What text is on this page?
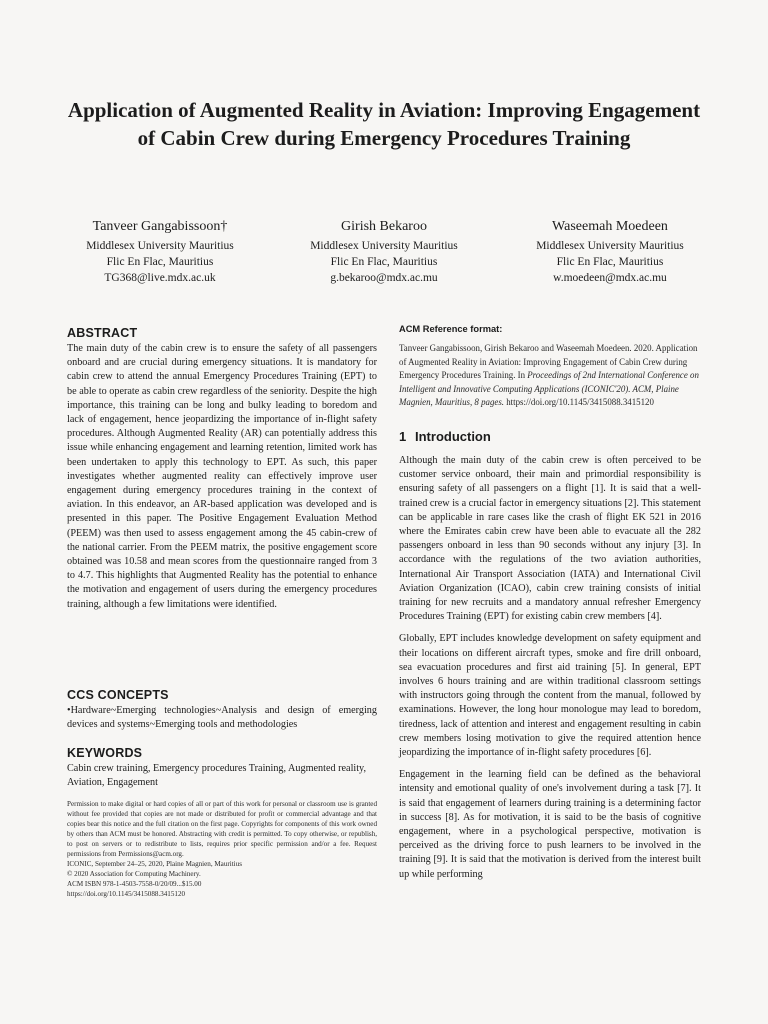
Application of Augmented Reality in Aviation: Improving Engagement of Cabin Crew during Emergency Procedures Training
Tanveer Gangabissoon†
Middlesex University Mauritius
Flic En Flac, Mauritius
TG368@live.mdx.ac.uk
Girish Bekaroo
Middlesex University Mauritius
Flic En Flac, Mauritius
g.bekaroo@mdx.ac.mu
Waseemah Moedeen
Middlesex University Mauritius
Flic En Flac, Mauritius
w.moedeen@mdx.ac.mu
ABSTRACT

The main duty of the cabin crew is to ensure the safety of all passengers onboard and are crucial during emergency situations. It is mandatory for cabin crew to attend the annual Emergency Procedures Training (EPT) to be able to operate as cabin crew regardless of the seniority. Despite the high importance, this training can be long and bulky leading to boredom and lack of engagement, hence jeopardizing the importance of in-flight safety procedures. Although Augmented Reality (AR) can potentially address this issue while enhancing engagement and learning retention, limited work has been undertaken to apply this technology to EPT. As such, this paper investigates whether augmented reality can effectively improve user engagement during emergency procedures training in the context of aviation. In this endeavor, an AR-based application was developed and is presented in this paper. The Positive Engagement Evaluation Method (PEEM) was then used to assess engagement among the 45 cabin-crew of the national carrier. From the PEEM matrix, the positive engagement score obtained was 10.58 and mean scores from the questionnaire ranged from 3 to 4.7. This highlights that Augmented Reality has the potential to enhance the motivation and engagement of users during the emergency procedures training, although a few limitations were identified.

CCS CONCEPTS

•Hardware~Emerging technologies~Analysis and design of emerging devices and systems~Emerging tools and methodologies

KEYWORDS

Cabin crew training, Emergency procedures Training, Augmented reality, Aviation, Engagement

Permission to make digital or hard copies of all or part of this work for personal or classroom use is granted without fee provided that copies are not made or distributed for profit or commercial advantage and that copies bear this notice and the full citation on the first page. Copyrights for components of this work owned by others than ACM must be honored. Abstracting with credit is permitted. To copy otherwise, or republish, to post on servers or to redistribute to lists, requires prior specific permission and/or a fee. Request permissions from Permissions@acm.org.

ICONIC, September 24–25, 2020, Plaine Magnien, Mauritius

© 2020 Association for Computing Machinery.

ACM ISBN 978-1-4503-7558-0/20/09...$15.00

https://doi.org/10.1145/3415088.3415120

ACM Reference format:

Tanveer Gangabissoon, Girish Bekaroo and Waseemah Moedeen. 2020. Application of Augmented Reality in Aviation: Improving Engagement of Cabin Crew during Emergency Procedures Training. In Proceedings of 2nd International Conference on Intelligent and Innovative Computing Applications (ICONIC'20). ACM, Plaine Magnien, Mauritius, 8 pages. https://doi.org/10.1145/3415088.3415120

1 Introduction

Although the main duty of the cabin crew is often perceived to be customer service onboard, their main and primordial responsibility is ensuring safety of all passengers on a flight [1]. It is said that a well-trained crew is a crucial factor in emergency situations [2]. This statement can be applicable in rare cases like the crash of flight EK 521 in 2016 where the Emirates cabin crew have been able to evacuate all the 282 passengers onboard in less than 90 seconds without any injury [3]. In accordance with the regulations of the two aviation authorities, International Air Transport Association (IATA) and International Civil Aviation Organization (ICAO), cabin crew training consists of initial training for new recruits and a mandatory annual refresher Emergency Procedures Training (EPT) for existing cabin crew members [4].

Globally, EPT includes knowledge development on safety equipment and their locations on different aircraft types, smoke and fire drill onboard, sea evacuation procedures and first aid training [5]. In general, EPT involves 6 hours training and are within traditional classroom settings with instructors going through the content from the manual, followed by examinations. However, the long hour monologue may lead to boredom, tiredness, lack of attention and interest and engagement resulting in cabin crew members losing motivation to give the required attention hence jeopardizing the importance of in-flight safety procedures [6].

Engagement in the learning field can be defined as the behavioral intensity and emotional quality of one's involvement during a task [7]. It is said that engagement of learners during training is a determining factor in success [8]. As for motivation, it is said to be the basis of cognitive engagement, where in a psychological perspective, motivation is perceived as the driving force to push learners to be involved in the training [9]. It is said that the motivation is derived from the interest built up while performing
